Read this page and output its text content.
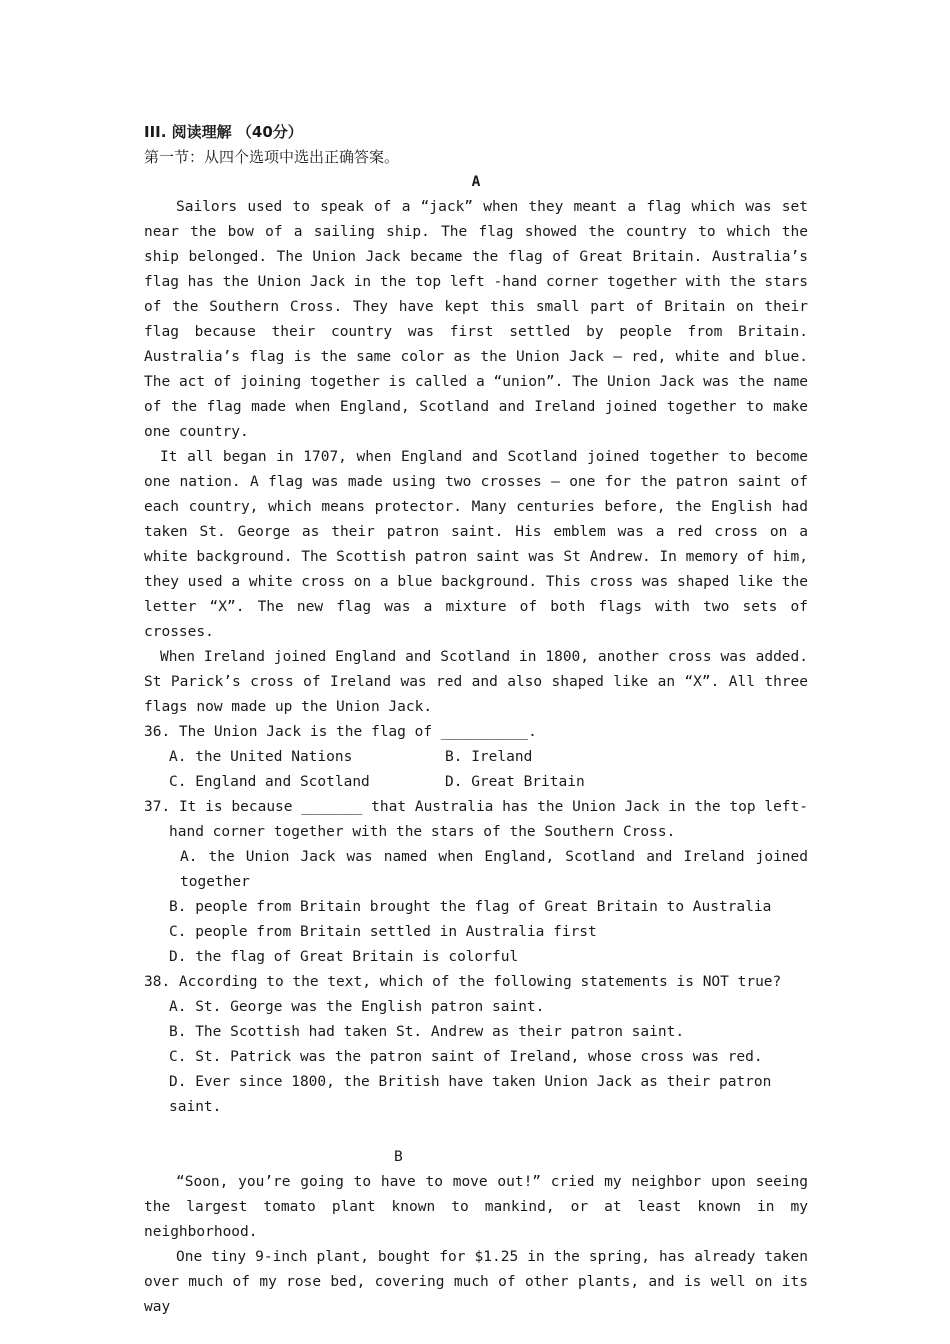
III. 阅读理解 （40分）
第一节：从四个选项中选出正确答案。
A

Sailors used to speak of a “jack” when they meant a flag which was set near the bow of a sailing ship. The flag showed the country to which the ship belonged. The Union Jack became the flag of Great Britain. Australia’s flag has the Union Jack in the top left -hand corner together with the stars of the Southern Cross. They have kept this small part of Britain on their flag because their country was first settled by people from Britain. Australia’s flag is the same color as the Union Jack — red, white and blue. The act of joining together is called a “union”. The Union Jack was the name of the flag made when England, Scotland and Ireland joined together to make one country.

It all began in 1707, when England and Scotland joined together to become one nation. A flag was made using two crosses — one for the patron saint of each country, which means protector. Many centuries before, the English had taken St. George as their patron saint. His emblem was a red cross on a white background. The Scottish patron saint was St Andrew. In memory of him, they used a white cross on a blue background. This cross was shaped like the letter “X”. The new flag was a mixture of both flags with two sets of crosses.

When Ireland joined England and Scotland in 1800, another cross was added. St Parick’s cross of Ireland was red and also shaped like an “X”. All three flags now made up the Union Jack.

36. The Union Jack is the flag of __________.
A. the United Nations	B. Ireland
C. England and Scotland	D. Great Britain
37. It is because _______ that Australia has the Union Jack in the top left-hand corner together with the stars of the Southern Cross.
A. the Union Jack was named when England, Scotland and Ireland joined together
B. people from Britain brought the flag of Great Britain to Australia
C. people from Britain settled in Australia first
D. the flag of Great Britain is colorful
38. According to the text, which of the following statements is NOT true?
A. St. George was the English patron saint.
B. The Scottish had taken St. Andrew as their patron saint.
C. St. Patrick was the patron saint of Ireland, whose cross was red.
D. Ever since 1800, the British have taken Union Jack as their patron saint.
B

“Soon, you’re going to have to move out!” cried my neighbor upon seeing the largest tomato plant known to mankind, or at least known in my neighborhood.

One tiny 9-inch plant, bought for $1.25 in the spring, has already taken over much of my rose bed, covering much of other plants, and is well on its way
